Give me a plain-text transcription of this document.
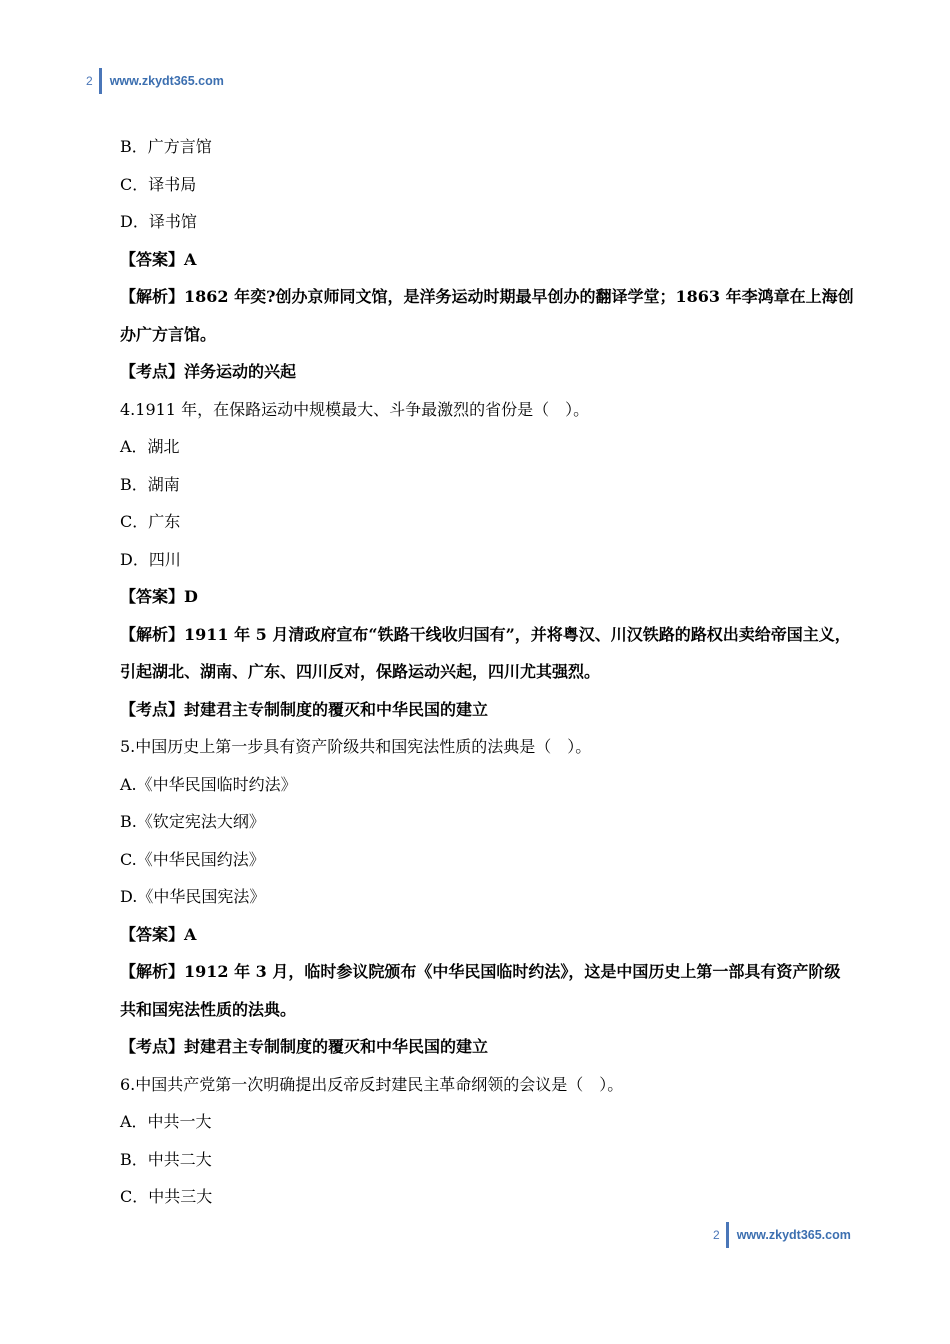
2 www.zkydt365.com
B．广方言馆
C．译书局
D．译书馆
【答案】A
【解析】1862 年奕?创办京师同文馆，是洋务运动时期最早创办的翻译学堂；1863 年李鸿章在上海创
办广方言馆。
【考点】洋务运动的兴起
4.1911 年，在保路运动中规模最大、斗争最激烈的省份是（　）。
A．湖北
B．湖南
C．广东
D．四川
【答案】D
【解析】1911 年 5 月清政府宣布“铁路干线收归国有”，并将粤汉、川汉铁路的路权出卖给帝国主义，
引起湖北、湖南、广东、四川反对，保路运动兴起，四川尤其强烈。
【考点】封建君主专制制度的覆灭和中华民国的建立
5.中国历史上第一步具有资产阶级共和国宪法性质的法典是（　）。
A.《中华民国临时约法》
B.《钦定宪法大纲》
C.《中华民国约法》
D.《中华民国宪法》
【答案】A
【解析】1912 年 3 月，临时参议院颁布《中华民国临时约法》，这是中国历史上第一部具有资产阶级
共和国宪法性质的法典。
【考点】封建君主专制制度的覆灭和中华民国的建立
6.中国共产党第一次明确提出反帝反封建民主革命纲领的会议是（　）。
A．中共一大
B．中共二大
C．中共三大
2 www.zkydt365.com
